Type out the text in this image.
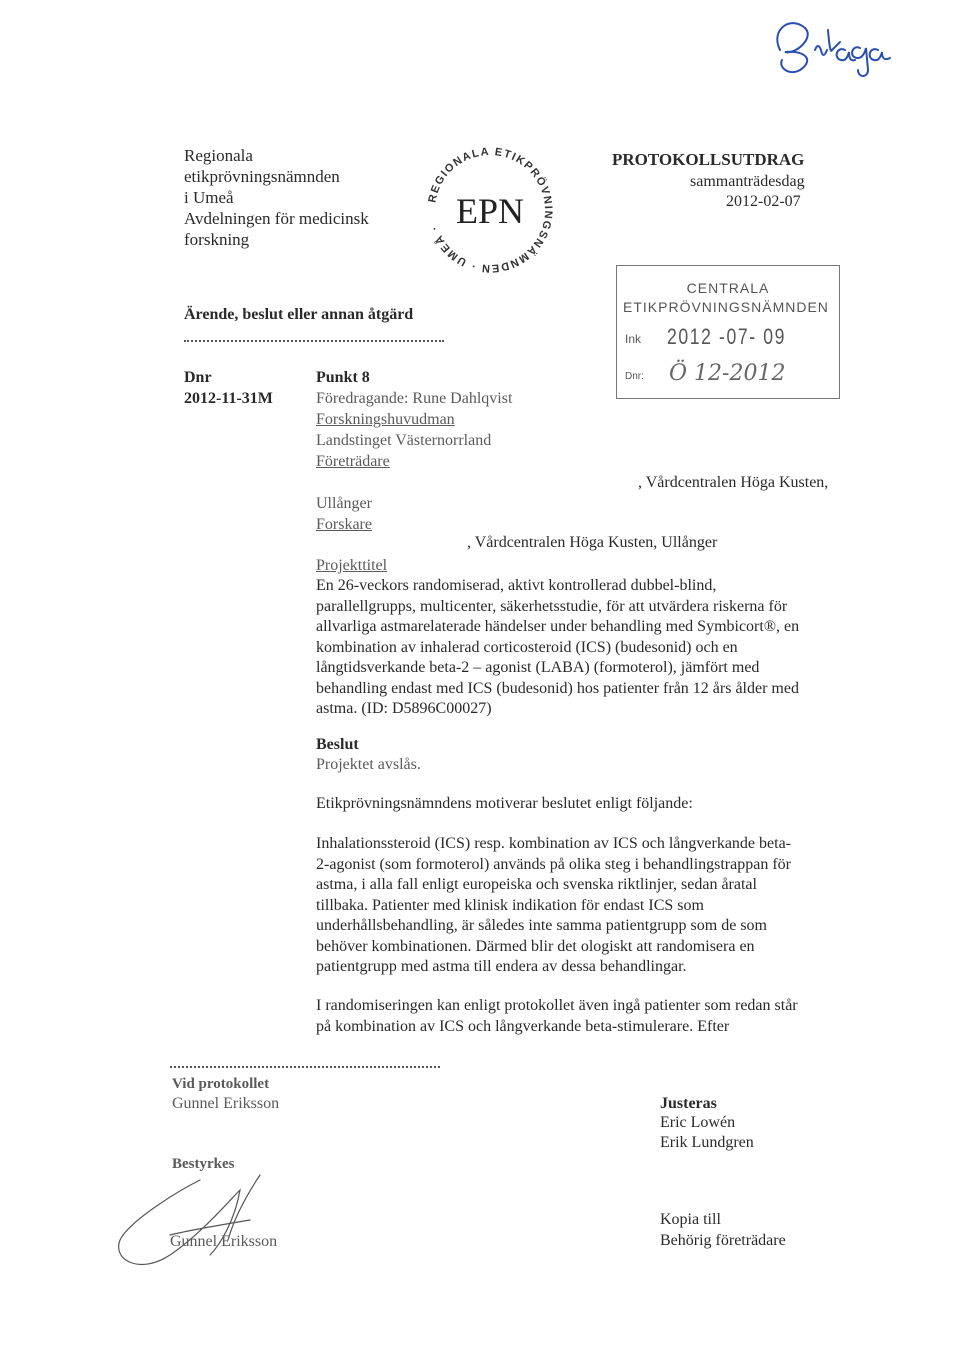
Regionala
etikprövningsnämnden
i Umeå
Avdelningen för medicinsk
forskning
REGIONALA ETIKPRÖVNINGSNÄMNDEN · UMEÅ · EPN
PROTOKOLLSUTDRAG
sammanträdesdag
2012-02-07
CENTRALA
ETIKPRÖVNINGSNÄMNDEN
Ink 2012 -07- 09
Dnr: Ö 12-2012
Ärende, beslut eller annan åtgärd
Dnr
2012-11-31M
Punkt 8
Föredragande: Rune Dahlqvist
Forskningshuvudman
Landstinget Västernorrland
Företrädare
, Vårdcentralen Höga Kusten,
Ullånger
Forskare
, Vårdcentralen Höga Kusten, Ullånger
Projekttitel
En 26-veckors randomiserad, aktivt kontrollerad dubbel-blind,
parallellgrupps, multicenter, säkerhetsstudie, för att utvärdera riskerna för
allvarliga astmarelaterade händelser under behandling med Symbicort®, en
kombination av inhalerad corticosteroid (ICS) (budesonid) och en
långtidsverkande beta-2 – agonist (LABA) (formoterol), jämfört med
behandling endast med ICS (budesonid) hos patienter från 12 års ålder med
astma. (ID: D5896C00027)
Beslut
Projektet avslås.
Etikprövningsnämndens motiverar beslutet enligt följande:
Inhalationssteroid (ICS) resp. kombination av ICS och långverkande beta-
2-agonist (som formoterol) används på olika steg i behandlingstrappan för
astma, i alla fall enligt europeiska och svenska riktlinjer, sedan åratal
tillbaka. Patienter med klinisk indikation för endast ICS som
underhållsbehandling, är således inte samma patientgrupp som de som
behöver kombinationen. Därmed blir det ologiskt att randomisera en
patientgrupp med astma till endera av dessa behandlingar.
I randomiseringen kan enligt protokollet även ingå patienter som redan står
på kombination av ICS och långverkande beta-stimulerare. Efter
Vid protokollet
Gunnel Eriksson
Bestyrkes
Gunnel Eriksson
Justeras
Eric Lowén
Erik Lundgren
Kopia till
Behörig företrädare
